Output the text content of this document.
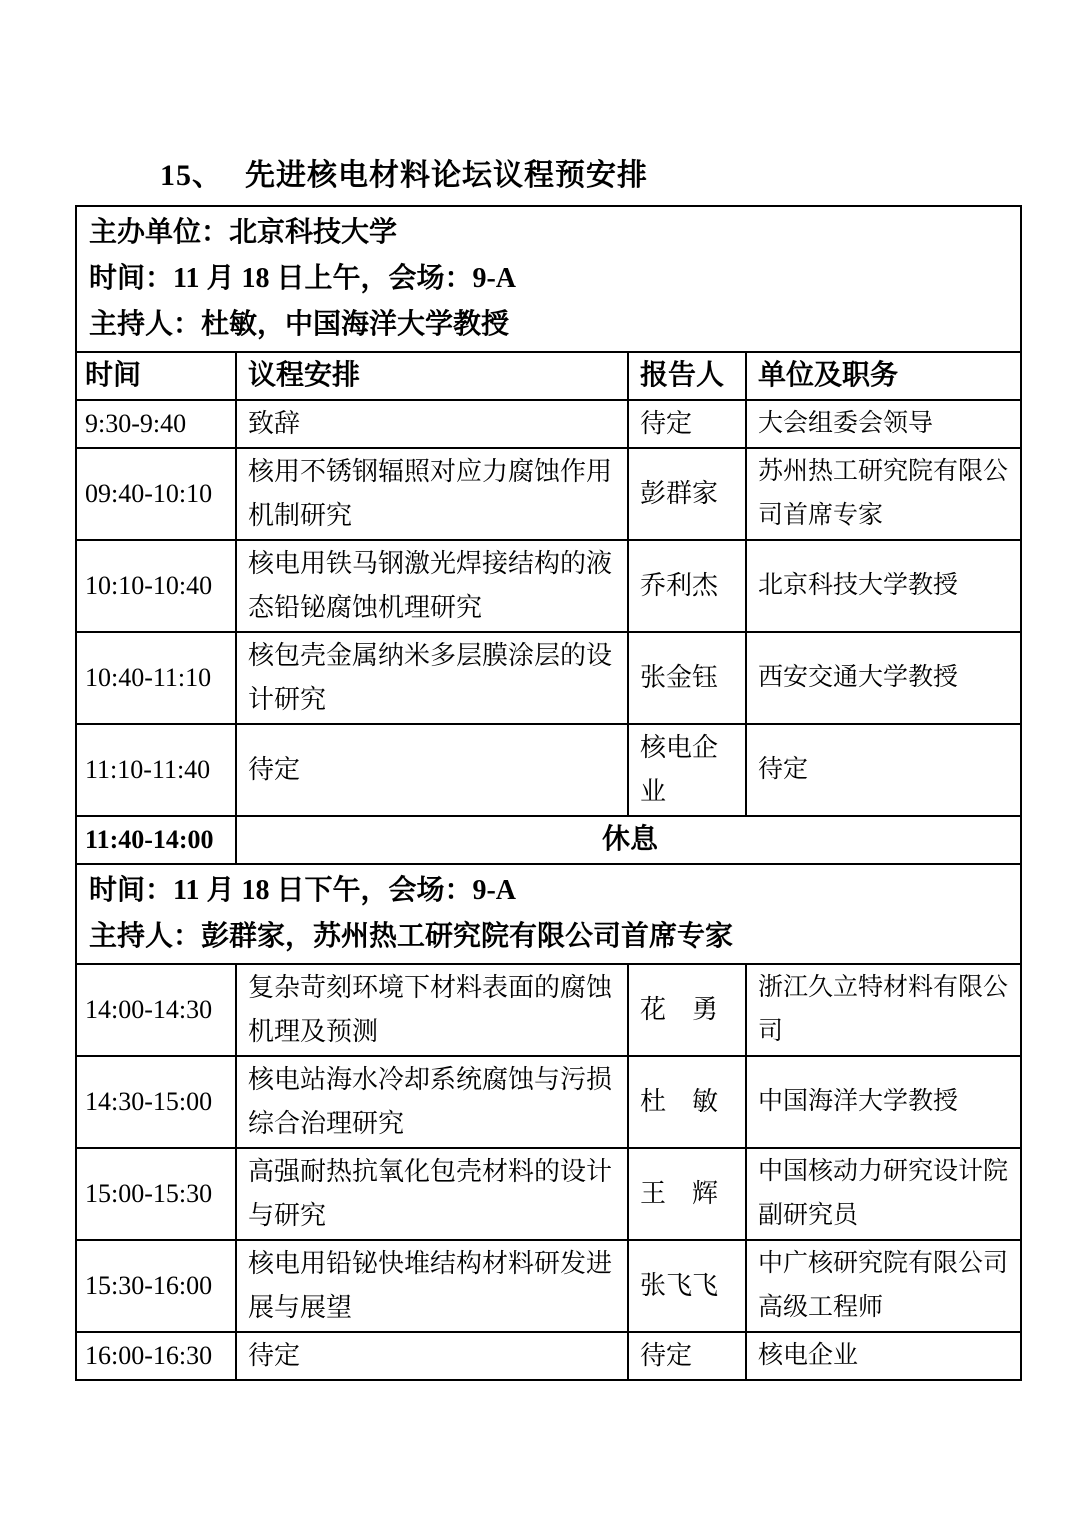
15、 先进核电材料论坛议程预安排
主办单位：北京科技大学
时间：11 月 18 日上午，会场：9-A
主持人：杜敏，中国海洋大学教授			

时间	议程安排	报告人	单位及职务
9:30-9:40	致辞	待定	大会组委会领导
09:40-10:10	核用不锈钢辐照对应力腐蚀作用机制研究	彭群家	苏州热工研究院有限公司首席专家
10:10-10:40	核电用铁马钢激光焊接结构的液态铅铋腐蚀机理研究	乔利杰	北京科技大学教授
10:40-11:10	核包壳金属纳米多层膜涂层的设计研究	张金钰	西安交通大学教授
11:10-11:40	待定	核电企业	待定
11:40-14:00	休息		

时间：11 月 18 日下午，会场：9-A
主持人：彭群家，苏州热工研究院有限公司首席专家			

14:00-14:30	复杂苛刻环境下材料表面的腐蚀机理及预测	花　勇	浙江久立特材料有限公司
14:30-15:00	核电站海水冷却系统腐蚀与污损综合治理研究	杜　敏	中国海洋大学教授
15:00-15:30	高强耐热抗氧化包壳材料的设计与研究	王　辉	中国核动力研究设计院副研究员
15:30-16:00	核电用铅铋快堆结构材料研发进展与展望	张飞飞	中广核研究院有限公司高级工程师
16:00-16:30	待定	待定	核电企业
